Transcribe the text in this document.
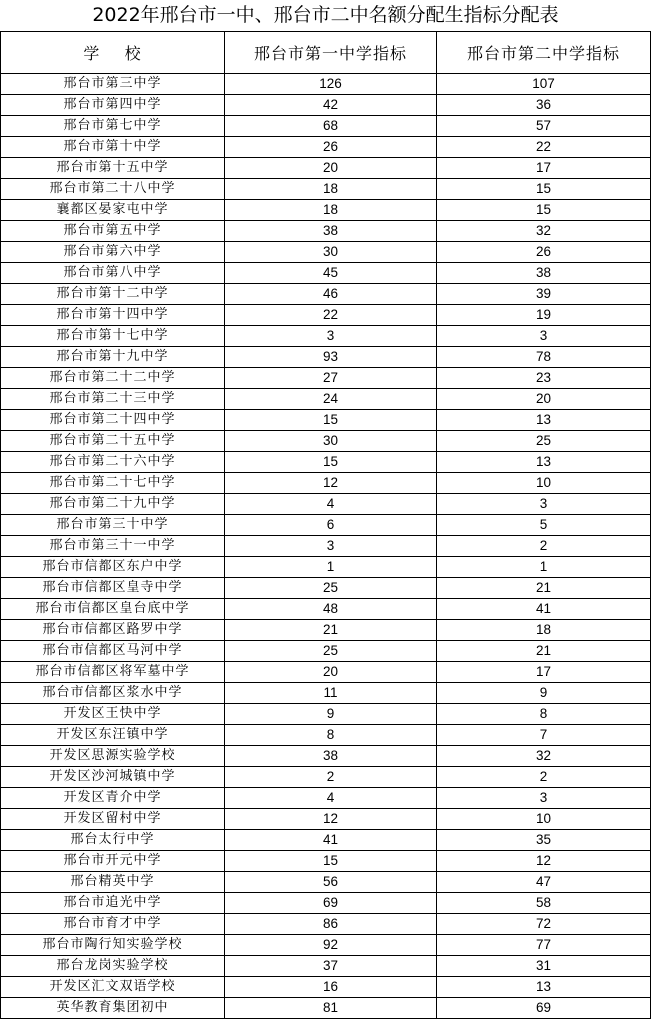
2022年邢台市一中、邢台市二中名额分配生指标分配表
学    校	邢台市第一中学指标	邢台市第二中学指标
邢台市第三中学	126	107
邢台市第四中学	42	36
邢台市第七中学	68	57
邢台市第十中学	26	22
邢台市第十五中学	20	17
邢台市第二十八中学	18	15
襄都区晏家屯中学	18	15
邢台市第五中学	38	32
邢台市第六中学	30	26
邢台市第八中学	45	38
邢台市第十二中学	46	39
邢台市第十四中学	22	19
邢台市第十七中学	3	3
邢台市第十九中学	93	78
邢台市第二十二中学	27	23
邢台市第二十三中学	24	20
邢台市第二十四中学	15	13
邢台市第二十五中学	30	25
邢台市第二十六中学	15	13
邢台市第二十七中学	12	10
邢台市第二十九中学	4	3
邢台市第三十中学	6	5
邢台市第三十一中学	3	2
邢台市信都区东户中学	1	1
邢台市信都区皇寺中学	25	21
邢台市信都区皇台底中学	48	41
邢台市信都区路罗中学	21	18
邢台市信都区马河中学	25	21
邢台市信都区将军墓中学	20	17
邢台市信都区浆水中学	11	9
开发区王快中学	9	8
开发区东汪镇中学	8	7
开发区思源实验学校	38	32
开发区沙河城镇中学	2	2
开发区青介中学	4	3
开发区留村中学	12	10
邢台太行中学	41	35
邢台市开元中学	15	12
邢台精英中学	56	47
邢台市追光中学	69	58
邢台市育才中学	86	72
邢台市陶行知实验学校	92	77
邢台龙岗实验学校	37	31
开发区汇文双语学校	16	13
英华教育集团初中	81	69
